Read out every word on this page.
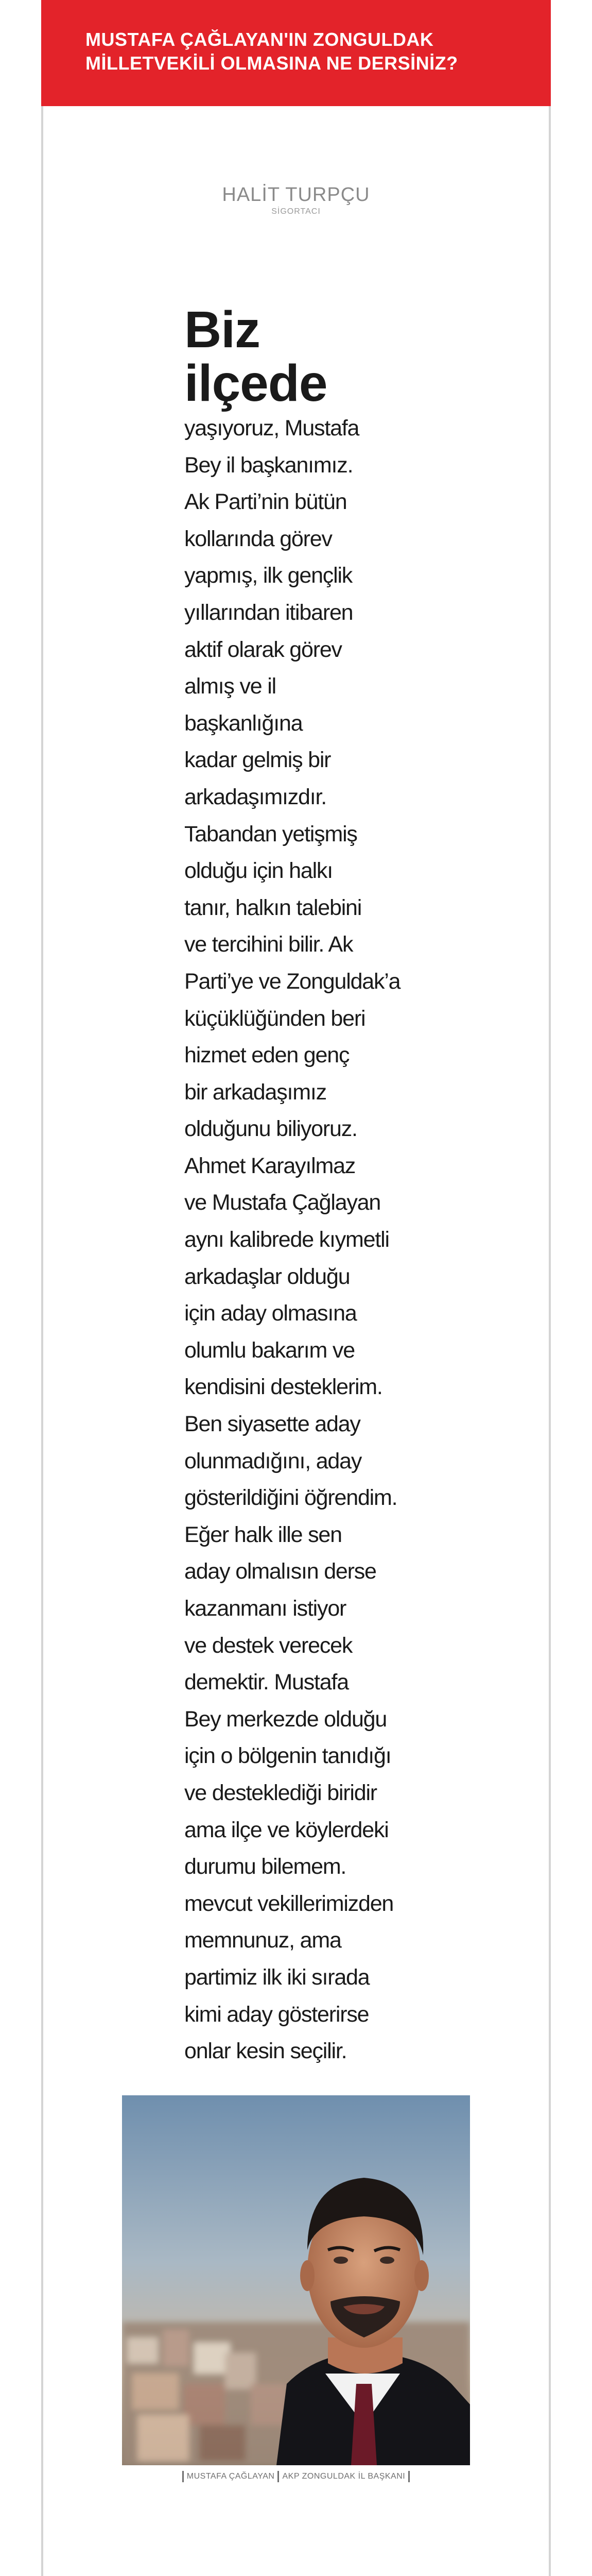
MUSTAFA ÇAĞLAYAN'IN ZONGULDAK
MİLLETVEKİLİ OLMASINA NE DERSİNİZ?
HALİT TURPÇU
SİGORTACI

Biz
ilçede

yaşıyoruz, Mustafa
Bey il başkanımız.
Ak Parti’nin bütün
kollarında görev
yapmış, ilk gençlik
yıllarından itibaren
aktif olarak görev
almış ve il
başkanlığına
kadar gelmiş bir
arkadaşımızdır.
Tabandan yetişmiş
olduğu için halkı
tanır, halkın talebini
ve tercihini bilir. Ak
Parti’ye ve Zonguldak’a
küçüklüğünden beri
hizmet eden genç
bir arkadaşımız
olduğunu biliyoruz.
Ahmet Karayılmaz
ve Mustafa Çağlayan
aynı kalibrede kıymetli
arkadaşlar olduğu
için aday olmasına
olumlu bakarım ve
kendisini desteklerim.
Ben siyasette aday
olunmadığını, aday
gösterildiğini öğrendim.
Eğer halk ille sen
aday olmalısın derse
kazanmanı istiyor
ve destek verecek
demektir. Mustafa
Bey merkezde olduğu
için o bölgenin tanıdığı
ve desteklediği biridir
ama ilçe ve köylerdeki
durumu bilemem.
mevcut vekillerimizden
memnunuz, ama
partimiz ilk iki sırada
kimi aday gösterirse
onlar kesin seçilir.

MUSTAFA ÇAĞLAYAN AKP ZONGULDAK İL BAŞKANI
